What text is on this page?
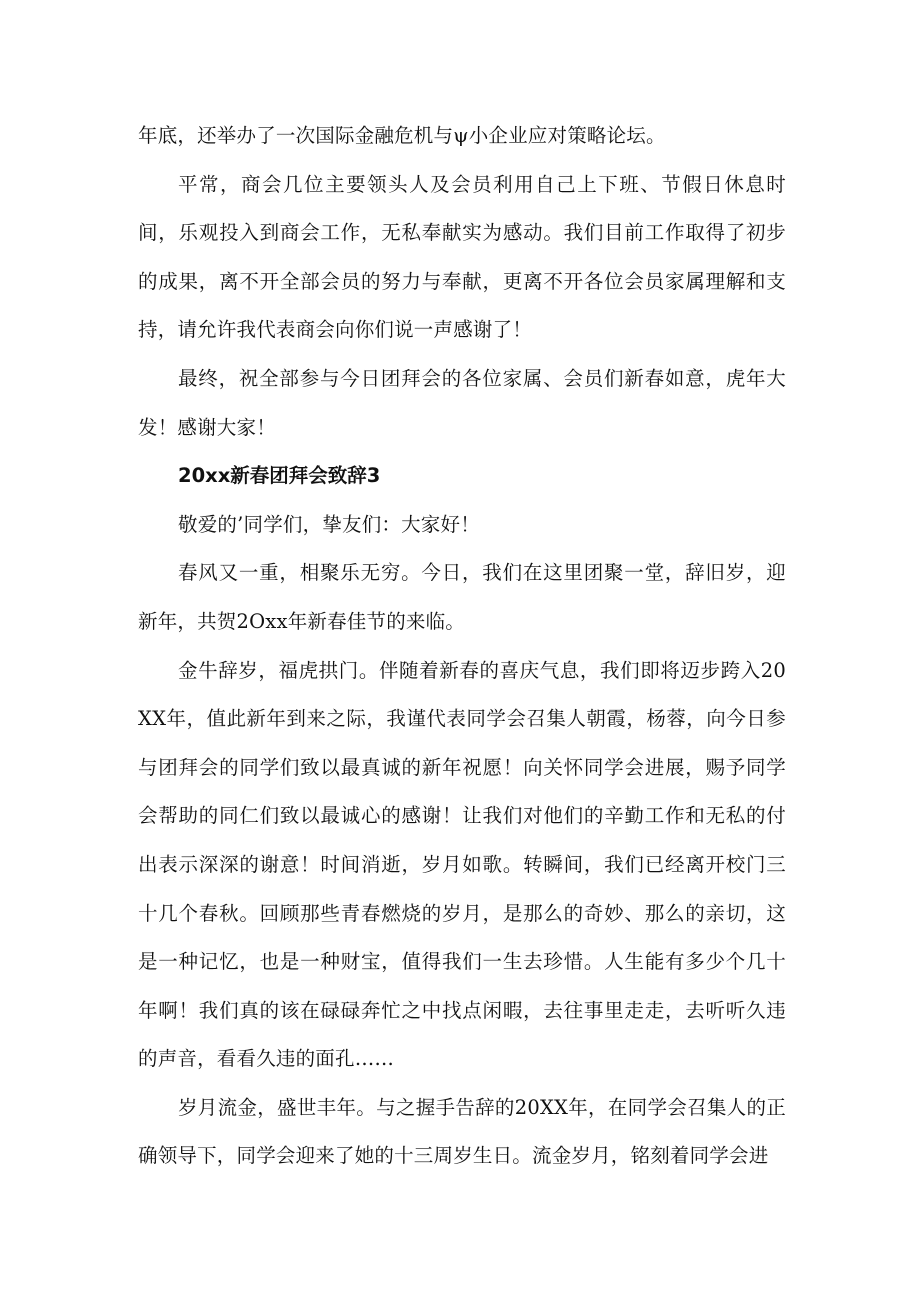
年底，还举办了一次国际金融危机与ψ小企业应对策略论坛。

平常，商会几位主要领头人及会员利用自己上下班、节假日休息时间，乐观投入到商会工作，无私奉献实为感动。我们目前工作取得了初步的成果，离不开全部会员的努力与奉献，更离不开各位会员家属理解和支持，请允许我代表商会向你们说一声感谢了！

最终，祝全部参与今日团拜会的各位家属、会员们新春如意，虎年大发！感谢大家！

20xx新春团拜会致辞3

敬爱的’同学们，挚友们：大家好！

春风又一重，相聚乐无穷。今日，我们在这里团聚一堂，辞旧岁，迎新年，共贺2Oxx年新春佳节的来临。

金牛辞岁，福虎拱门。伴随着新春的喜庆气息，我们即将迈步跨入20XX年，值此新年到来之际，我谨代表同学会召集人朝霞，杨蓉，向今日参与团拜会的同学们致以最真诚的新年祝愿！向关怀同学会进展，赐予同学会帮助的同仁们致以最诚心的感谢！让我们对他们的辛勤工作和无私的付出表示深深的谢意！时间消逝，岁月如歌。转瞬间，我们已经离开校门三十几个春秋。回顾那些青春燃烧的岁月，是那么的奇妙、那么的亲切，这是一种记忆，也是一种财宝，值得我们一生去珍惜。人生能有多少个几十年啊！我们真的该在碌碌奔忙之中找点闲暇，去往事里走走，去听听久违的声音，看看久违的面孔……

岁月流金，盛世丰年。与之握手告辞的20XX年，在同学会召集人的正确领导下，同学会迎来了她的十三周岁生日。流金岁月，铭刻着同学会进
